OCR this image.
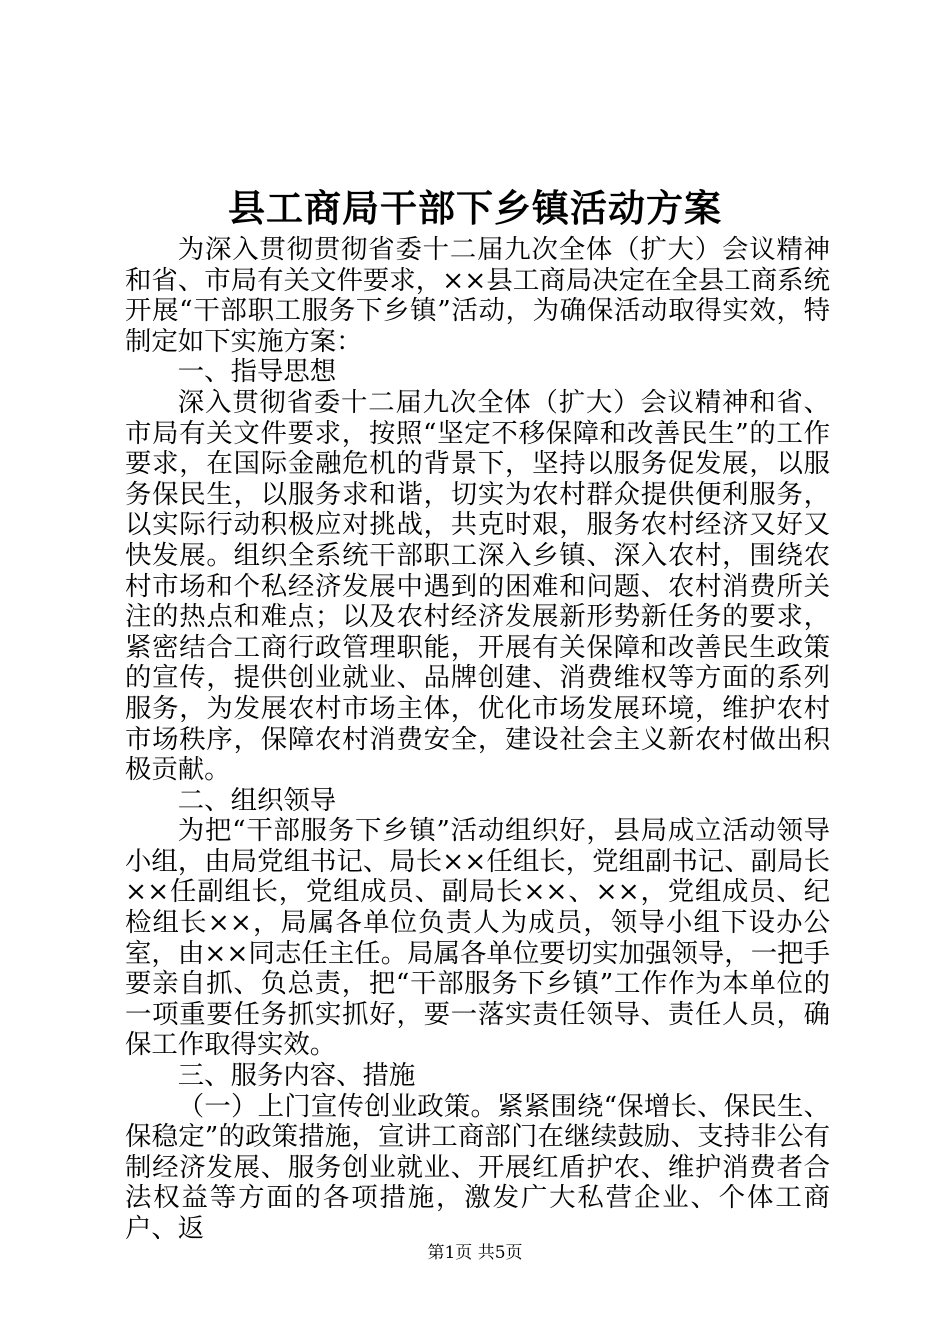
县工商局干部下乡镇活动方案

为深入贯彻贯彻省委十二届九次全体（扩大）会议精神和省、市局有关文件要求，××县工商局决定在全县工商系统开展“干部职工服务下乡镇”活动，为确保活动取得实效，特制定如下实施方案：

一、指导思想

深入贯彻省委十二届九次全体（扩大）会议精神和省、市局有关文件要求，按照“坚定不移保障和改善民生”的工作要求，在国际金融危机的背景下，坚持以服务促发展，以服务保民生，以服务求和谐，切实为农村群众提供便利服务，以实际行动积极应对挑战，共克时艰，服务农村经济又好又快发展。组织全系统干部职工深入乡镇、深入农村，围绕农村市场和个私经济发展中遇到的困难和问题、农村消费所关注的热点和难点；以及农村经济发展新形势新任务的要求，紧密结合工商行政管理职能，开展有关保障和改善民生政策的宣传，提供创业就业、品牌创建、消费维权等方面的系列服务，为发展农村市场主体，优化市场发展环境，维护农村市场秩序，保障农村消费安全，建设社会主义新农村做出积极贡献。

二、组织领导

为把“干部服务下乡镇”活动组织好，县局成立活动领导小组，由局党组书记、局长××任组长，党组副书记、副局长××任副组长，党组成员、副局长××、××，党组成员、纪检组长××，局属各单位负责人为成员，领导小组下设办公室，由××同志任主任。局属各单位要切实加强领导，一把手要亲自抓、负总责，把“干部服务下乡镇”工作作为本单位的一项重要任务抓实抓好，要一落实责任领导、责任人员，确保工作取得实效。

三、服务内容、措施

（一）上门宣传创业政策。紧紧围绕“保增长、保民生、保稳定”的政策措施，宣讲工商部门在继续鼓励、支持非公有制经济发展、服务创业就业、开展红盾护农、维护消费者合法权益等方面的各项措施，激发广大私营企业、个体工商户、返

第1页 共5页
